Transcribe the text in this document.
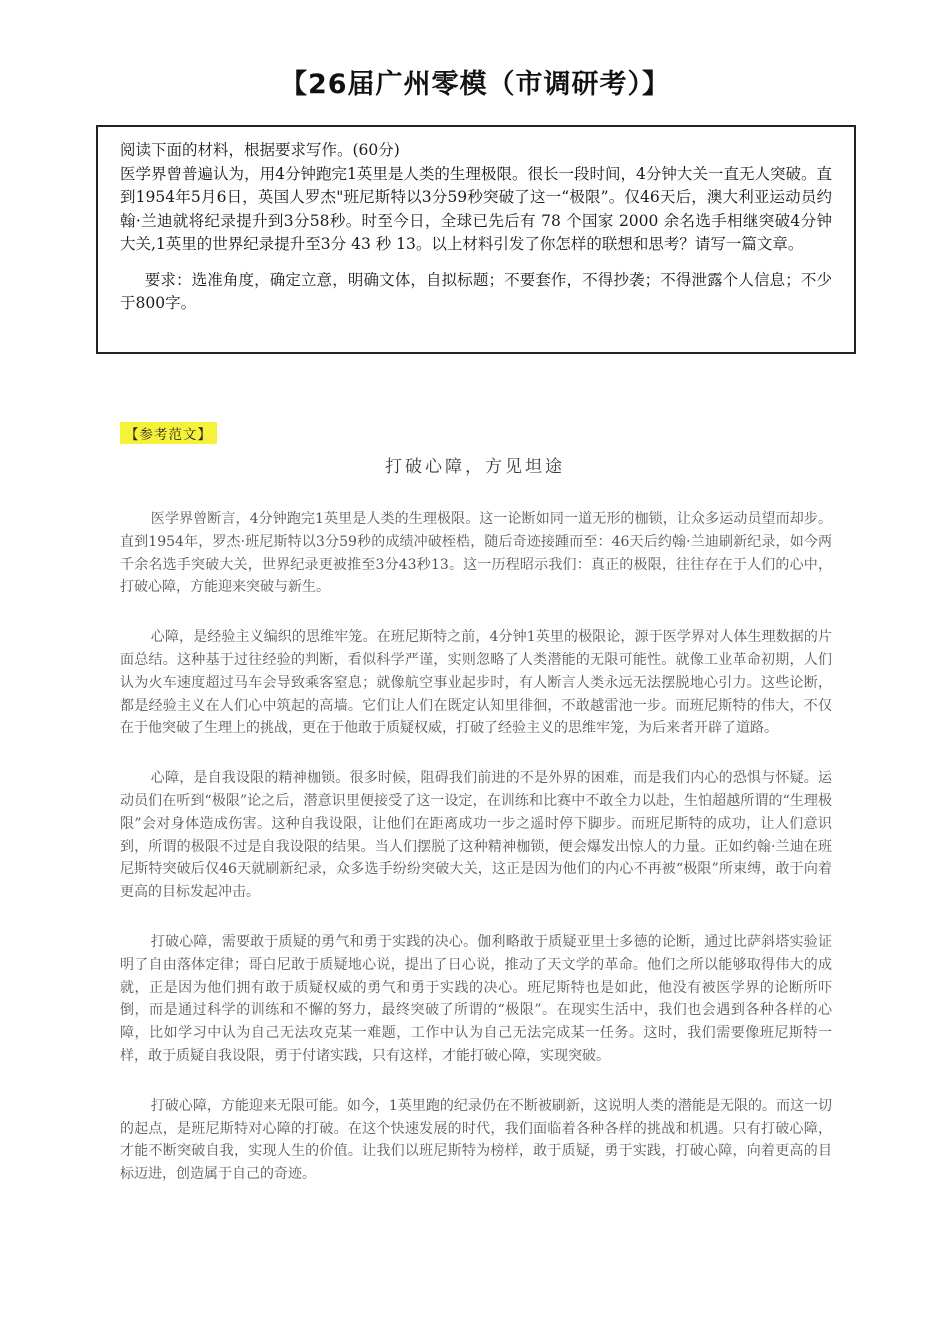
【26届广州零模（市调研考）】

阅读下面的材料，根据要求写作。(60分)

医学界曾普遍认为，用4分钟跑完1英里是人类的生理极限。很长一段时间，4分钟大关一直无人突破。直到1954年5月6日，英国人罗杰"班尼斯特以3分59秒突破了这一“极限”。仅46天后，澳大利亚运动员约翰·兰迪就将纪录提升到3分58秒。时至今日，全球已先后有 78 个国家 2000 余名选手相继突破4分钟大关,1英里的世界纪录提升至3分 43 秒 13。以上材料引发了你怎样的联想和思考？请写一篇文章。

要求：选准角度，确定立意，明确文体，自拟标题；不要套作，不得抄袭；不得泄露个人信息；不少于800字。

【参考范文】
打破心障，方见坦途

医学界曾断言，4分钟跑完1英里是人类的生理极限。这一论断如同一道无形的枷锁，让众多运动员望而却步。直到1954年，罗杰·班尼斯特以3分59秒的成绩冲破桎梏，随后奇迹接踵而至：46天后约翰·兰迪刷新纪录，如今两千余名选手突破大关，世界纪录更被推至3分43秒13。这一历程昭示我们：真正的极限，往往存在于人们的心中，打破心障，方能迎来突破与新生。

心障，是经验主义编织的思维牢笼。在班尼斯特之前，4分钟1英里的极限论，源于医学界对人体生理数据的片面总结。这种基于过往经验的判断，看似科学严谨，实则忽略了人类潜能的无限可能性。就像工业革命初期，人们认为火车速度超过马车会导致乘客窒息；就像航空事业起步时，有人断言人类永远无法摆脱地心引力。这些论断，都是经验主义在人们心中筑起的高墙。它们让人们在既定认知里徘徊，不敢越雷池一步。而班尼斯特的伟大，不仅在于他突破了生理上的挑战，更在于他敢于质疑权威，打破了经验主义的思维牢笼，为后来者开辟了道路。

心障，是自我设限的精神枷锁。很多时候，阻碍我们前进的不是外界的困难，而是我们内心的恐惧与怀疑。运动员们在听到“极限”论之后，潜意识里便接受了这一设定，在训练和比赛中不敢全力以赴，生怕超越所谓的“生理极限”会对身体造成伤害。这种自我设限，让他们在距离成功一步之遥时停下脚步。而班尼斯特的成功，让人们意识到，所谓的极限不过是自我设限的结果。当人们摆脱了这种精神枷锁，便会爆发出惊人的力量。正如约翰·兰迪在班尼斯特突破后仅46天就刷新纪录，众多选手纷纷突破大关，这正是因为他们的内心不再被“极限”所束缚，敢于向着更高的目标发起冲击。

打破心障，需要敢于质疑的勇气和勇于实践的决心。伽利略敢于质疑亚里士多德的论断，通过比萨斜塔实验证明了自由落体定律；哥白尼敢于质疑地心说，提出了日心说，推动了天文学的革命。他们之所以能够取得伟大的成就，正是因为他们拥有敢于质疑权威的勇气和勇于实践的决心。班尼斯特也是如此，他没有被医学界的论断所吓倒，而是通过科学的训练和不懈的努力，最终突破了所谓的“极限”。在现实生活中，我们也会遇到各种各样的心障，比如学习中认为自己无法攻克某一难题，工作中认为自己无法完成某一任务。这时，我们需要像班尼斯特一样，敢于质疑自我设限，勇于付诸实践，只有这样，才能打破心障，实现突破。

打破心障，方能迎来无限可能。如今，1英里跑的纪录仍在不断被刷新，这说明人类的潜能是无限的。而这一切的起点，是班尼斯特对心障的打破。在这个快速发展的时代，我们面临着各种各样的挑战和机遇。只有打破心障，才能不断突破自我，实现人生的价值。让我们以班尼斯特为榜样，敢于质疑，勇于实践，打破心障，向着更高的目标迈进，创造属于自己的奇迹。
